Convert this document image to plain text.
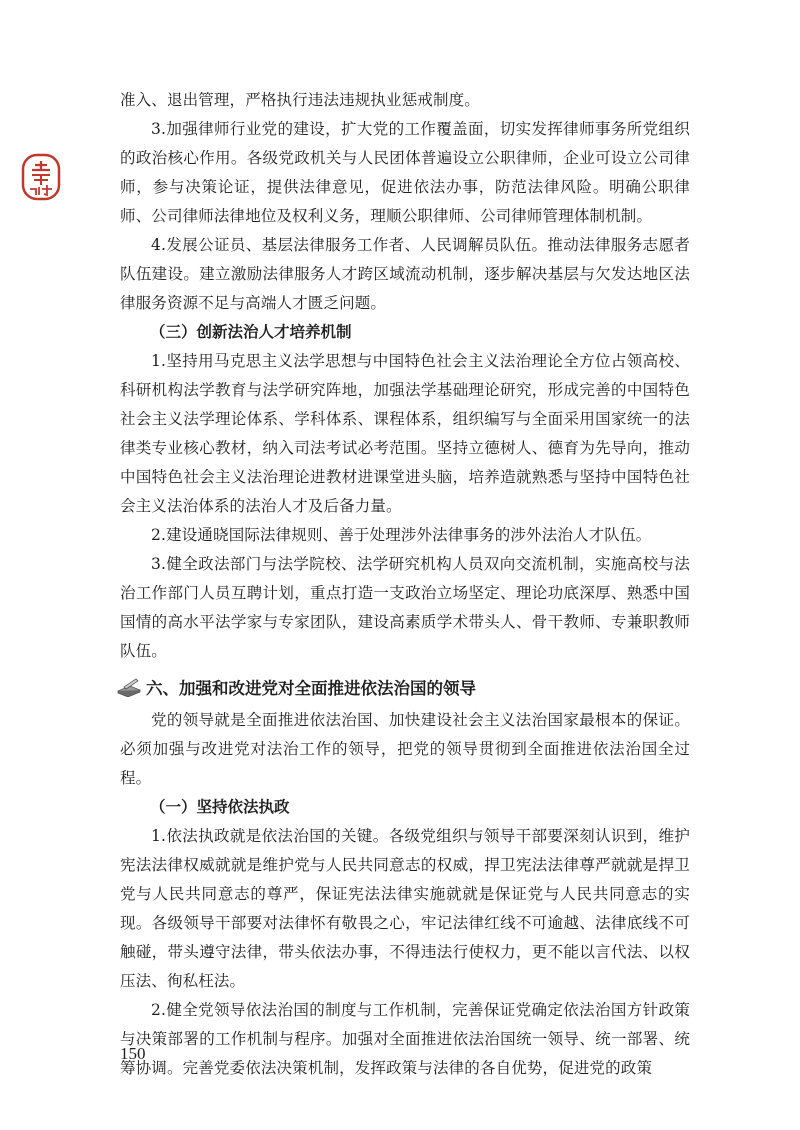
准入、退出管理，严格执行违法违规执业惩戒制度。

3.加强律师行业党的建设，扩大党的工作覆盖面，切实发挥律师事务所党组织的政治核心作用。各级党政机关与人民团体普遍设立公职律师，企业可设立公司律师，参与决策论证，提供法律意见，促进依法办事，防范法律风险。明确公职律师、公司律师法律地位及权利义务，理顺公职律师、公司律师管理体制机制。

4.发展公证员、基层法律服务工作者、人民调解员队伍。推动法律服务志愿者队伍建设。建立激励法律服务人才跨区域流动机制，逐步解决基层与欠发达地区法律服务资源不足与高端人才匮乏问题。

（三）创新法治人才培养机制

1.坚持用马克思主义法学思想与中国特色社会主义法治理论全方位占领高校、科研机构法学教育与法学研究阵地，加强法学基础理论研究，形成完善的中国特色社会主义法学理论体系、学科体系、课程体系，组织编写与全面采用国家统一的法律类专业核心教材，纳入司法考试必考范围。坚持立德树人、德育为先导向，推动中国特色社会主义法治理论进教材进课堂进头脑，培养造就熟悉与坚持中国特色社会主义法治体系的法治人才及后备力量。

2.建设通晓国际法律规则、善于处理涉外法律事务的涉外法治人才队伍。

3.健全政法部门与法学院校、法学研究机构人员双向交流机制，实施高校与法治工作部门人员互聘计划，重点打造一支政治立场坚定、理论功底深厚、熟悉中国国情的高水平法学家与专家团队，建设高素质学术带头人、骨干教师、专兼职教师队伍。

六、加强和改进党对全面推进依法治国的领导

党的领导就是全面推进依法治国、加快建设社会主义法治国家最根本的保证。必须加强与改进党对法治工作的领导，把党的领导贯彻到全面推进依法治国全过程。

（一）坚持依法执政

1.依法执政就是依法治国的关键。各级党组织与领导干部要深刻认识到，维护宪法法律权威就就是维护党与人民共同意志的权威，捍卫宪法法律尊严就就是捍卫党与人民共同意志的尊严，保证宪法法律实施就就是保证党与人民共同意志的实现。各级领导干部要对法律怀有敬畏之心，牢记法律红线不可逾越、法律底线不可触碰，带头遵守法律，带头依法办事，不得违法行使权力，更不能以言代法、以权压法、徇私枉法。

2.健全党领导依法治国的制度与工作机制，完善保证党确定依法治国方针政策与决策部署的工作机制与程序。加强对全面推进依法治国统一领导、统一部署、统筹协调。完善党委依法决策机制，发挥政策与法律的各自优势，促进党的政策

150
